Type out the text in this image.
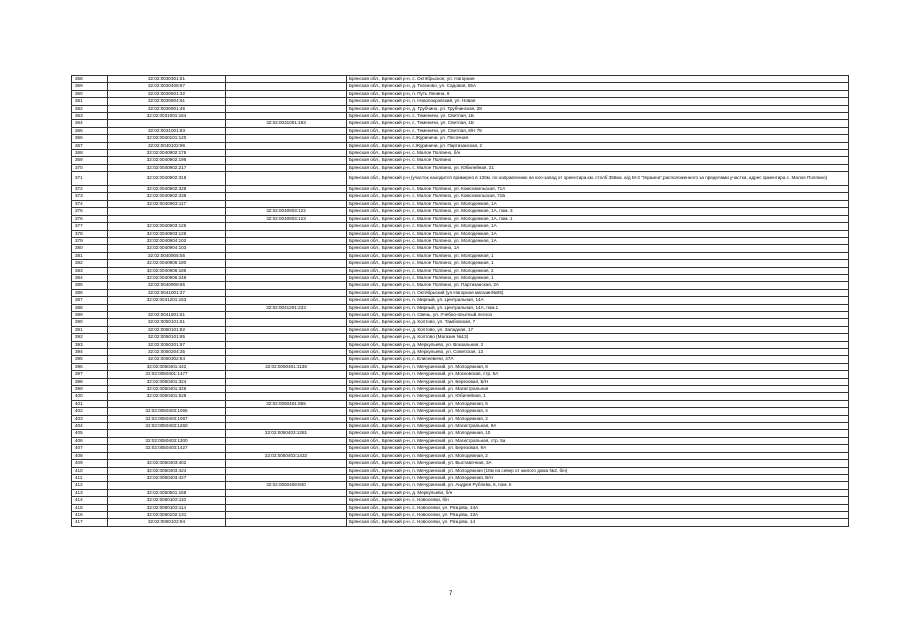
358	32:02:0030301:51		Брянская обл., Брянский р-н, с. Октябрьское, ул. Нагорная
359	32:02:0030408:87		Брянская обл., Брянский р-н, д. Тиганово, ул. Садовая, 55А
360	32:02:0030501:32		Брянская обл., Брянский р-н, п. Путь Ленина, 8
361	32:02:0030804:61		Брянская обл., Брянский р-н, п. Новопокровский, ул. Новая
362	32:02:0030901:46		Брянская обл., Брянский р-н, д. Трубчино, ул. Трубчинская, 28
363	32:02:0031001:164		Брянская обл., Брянский р-н, с. Теменичи, ул. Светлая, 1Б
364		32:02:0031001:183	Брянская обл., Брянский р-н, с. Теменичи, ул. Светлая, 1Б
365	32:02:0031001:83		Брянская обл., Брянский р-н, с. Теменичи, ул. Светлая, 8/Н 75
366	32:02:0040101:120		Брянская обл., Брянский р-н, с.Журиничи, ул. Песочная
367	32:02:0040102:96		Брянская обл., Брянский р-н, с.Журиничи, ул. Партизанская, 2
368	32:02:0040902:175		Брянская обл., Брянский р-н, с. Малое Полпино, б/н
369	32:02:0040902:196		Брянская обл., Брянский р-н, с. Малое Полпино
370	32:02:0040902:217		Брянская обл., Брянский р-н, с. Малое Полпино, ул. Юбилейная, 21
371	32:02:0040902:318		Брянская обл., Брянский р-н (участок находится примерно в 130м. по направлению на юго-запад от ориентира км. столб 355км. а/д М-3 "Украина",расположенного за пределами участка, адрес ориентира с. Малое Полпино)
372	32:02:0040902:328		Брянская обл., Брянский р-н, с. Малое Полпино, ул. Комсомольская, 71А
373	32:02:0040902:338		Брянская обл., Брянский р-н, с. Малое Полпино, ул. Комсомольская, 71Б
374	32:02:0040903:117		Брянская обл., Брянский р-н, с. Малое Полпино, ул. Молодежная, 1А
375		32:02:0040903:122	Брянская обл., Брянский р-н, с. Малое Полпино, ул. Молодежная, 1А, пом. 3
376		32:02:0040903:123	Брянская обл., Брянский р-н, с. Малое Полпино, ул. Молодежная, 1А, пом. 1
377	32:02:0040903:125		Брянская обл., Брянский р-н, с. Малое Полпино, ул. Молодежная, 1А
378	32:02:0040903:129		Брянская обл., Брянский р-н, с. Малое Полпино, ул. Молодежная, 1А
379	32:02:0040904:102		Брянская обл., Брянский р-н, с. Малое Полпино, ул. Молодежная, 1А
380	32:02:0040904:103		Брянская обл., Брянский р-н, с. Малое Полпино, 1А
381	32:02:0040905:55		Брянская обл., Брянский р-н, с. Малое Полпино, ул. Молодежная, 1
382	32:02:0040906:180		Брянская обл., Брянский р-н, с. Малое Полпино, ул. Молодежная, 1
383	32:02:0040906:185		Брянская обл., Брянский р-н, с. Малое Полпино, ул. Молодежная, 2
384	32:02:0040906:248		Брянская обл., Брянский р-н, с. Малое Полпино, ул. Молодежная, 1
385	32:02:0040908:65		Брянская обл., Брянский р-н, с. Малое Полпино, ул. Партизанская, 2А
386	32:02:0041001:37		Брянская обл., Брянский р-н, п. Октябрьский (ул.Нагорная магазин№05)
387	32:02:0041201:153		Брянская обл., Брянский р-н, п. Мирный, ул. Центральная, 14А
388		32:02:0041201:233	Брянская обл., Брянский р-н, п. Мирный, ул. Центральная, 14А, пом.1
389	32:02:0041801:61		Брянская обл., Брянский р-н, п. Свень, ул. Учебно-опытный лесхоз
390	32:02:0050101:61		Брянская обл., Брянский р-н, д. Колтово, ул. Тамбовская, 7
391	32:02:0050101:82		Брянская обл., Брянский р-н, д. Колтово, ул. Западная, 17
392	32:02:0050101:85		Брянская обл., Брянский р-н, д. Колтово (Магазин №13)
393	32:02:0050201:97		Брянская обл., Брянский р-н, д. Меркульево, ул. Вокзальная, 2
394	32:02:0050204:35		Брянская обл., Брянский р-н, д. Меркульево, ул. Советская, 13
395	32:02:0050302:54		Брянская обл., Брянский р-н, с. Елисеевичи, 47А
396	32:02:0050401:442	32:02:0050401:1138	Брянская обл., Брянский р-н, п. Мичуринский, ул. Молодежная, 8
397	32:02:0050401:1477		Брянская обл., Брянский р-н, п. Мичуринский, ул. Московская, стр. 5А
398	32:02:0050401:324		Брянская обл., Брянский р-н, п. Мичуринский, ул. Березовая, Б/Н
399	32:02:0050401:326		Брянская обл., Брянский р-н, п. Мичуринский, ул. Магистральная
400	32:02:0050401:528		Брянская обл., Брянский р-н, п. Мичуринский, ул. Юбилейная, 1
401		32:02:0050401:855	Брянская обл., Брянский р-н, п. Мичуринский, ул. Молодежная, 5
402	32:02:0050403:1066		Брянская обл., Брянский р-н, п. Мичуринский, ул. Молодежная, 4
403	32:02:0050403:1067		Брянская обл., Брянский р-н, п. Мичуринский, ул. Молодежная, 2
404	32:02:0050403:1260		Брянская обл., Брянский р-н, п. Мичуринский, ул. Магистральная, 9А
405		32:02:0050403:1281	Брянская обл., Брянский р-н, п. Мичуринский, ул. Молодежная, 10
406	32:02:0050403:1300		Брянская обл., Брянский р-н, п. Мичуринский, ул. Магистральная, стр. 5а
407	32:02:0050403:1427		Брянская обл., Брянский р-н, п. Мичуринский, ул. Березовая, 9А
408		32:02:0050403:1432	Брянская обл., Брянский р-н, п. Мичуринский, ул. Молодежная, 2
409	32:02:0050403:402		Брянская обл., Брянский р-н, п. Мичуринский, ул. Выставочная, 3А
410	32:02:0050403:424		Брянская обл., Брянский р-н, п. Мичуринский, ул. Молодежная (10м на север от жилого дома №2, б/н)
411	32:02:0050403:427		Брянская обл., Брянский р-н, п. Мичуринский, ул. Молодежная, Б/Н
412		32:02:0050409:840	Брянская обл., Брянский р-н, п. Мичуринский, ул. Андрея Рублева, 6, пом. II
413	32:02:0050501:158		Брянская обл., Брянский р-н, д. Меркульево, б/н
414	32:02:0060102:110		Брянская обл., Брянский р-н, с. Новоселки, б/н
415	32:02:0060102:114		Брянская обл., Брянский р-н, с. Новоселки, ул. Рязцова, 14А
416	32:02:0060102:131		Брянская обл., Брянский р-н, с. Новоселки, ул. Рязцова, 13А
417	32:02:0060102:94		Брянская обл., Брянский р-н, с. Новоселки, ул. Рязцова, 14
7
